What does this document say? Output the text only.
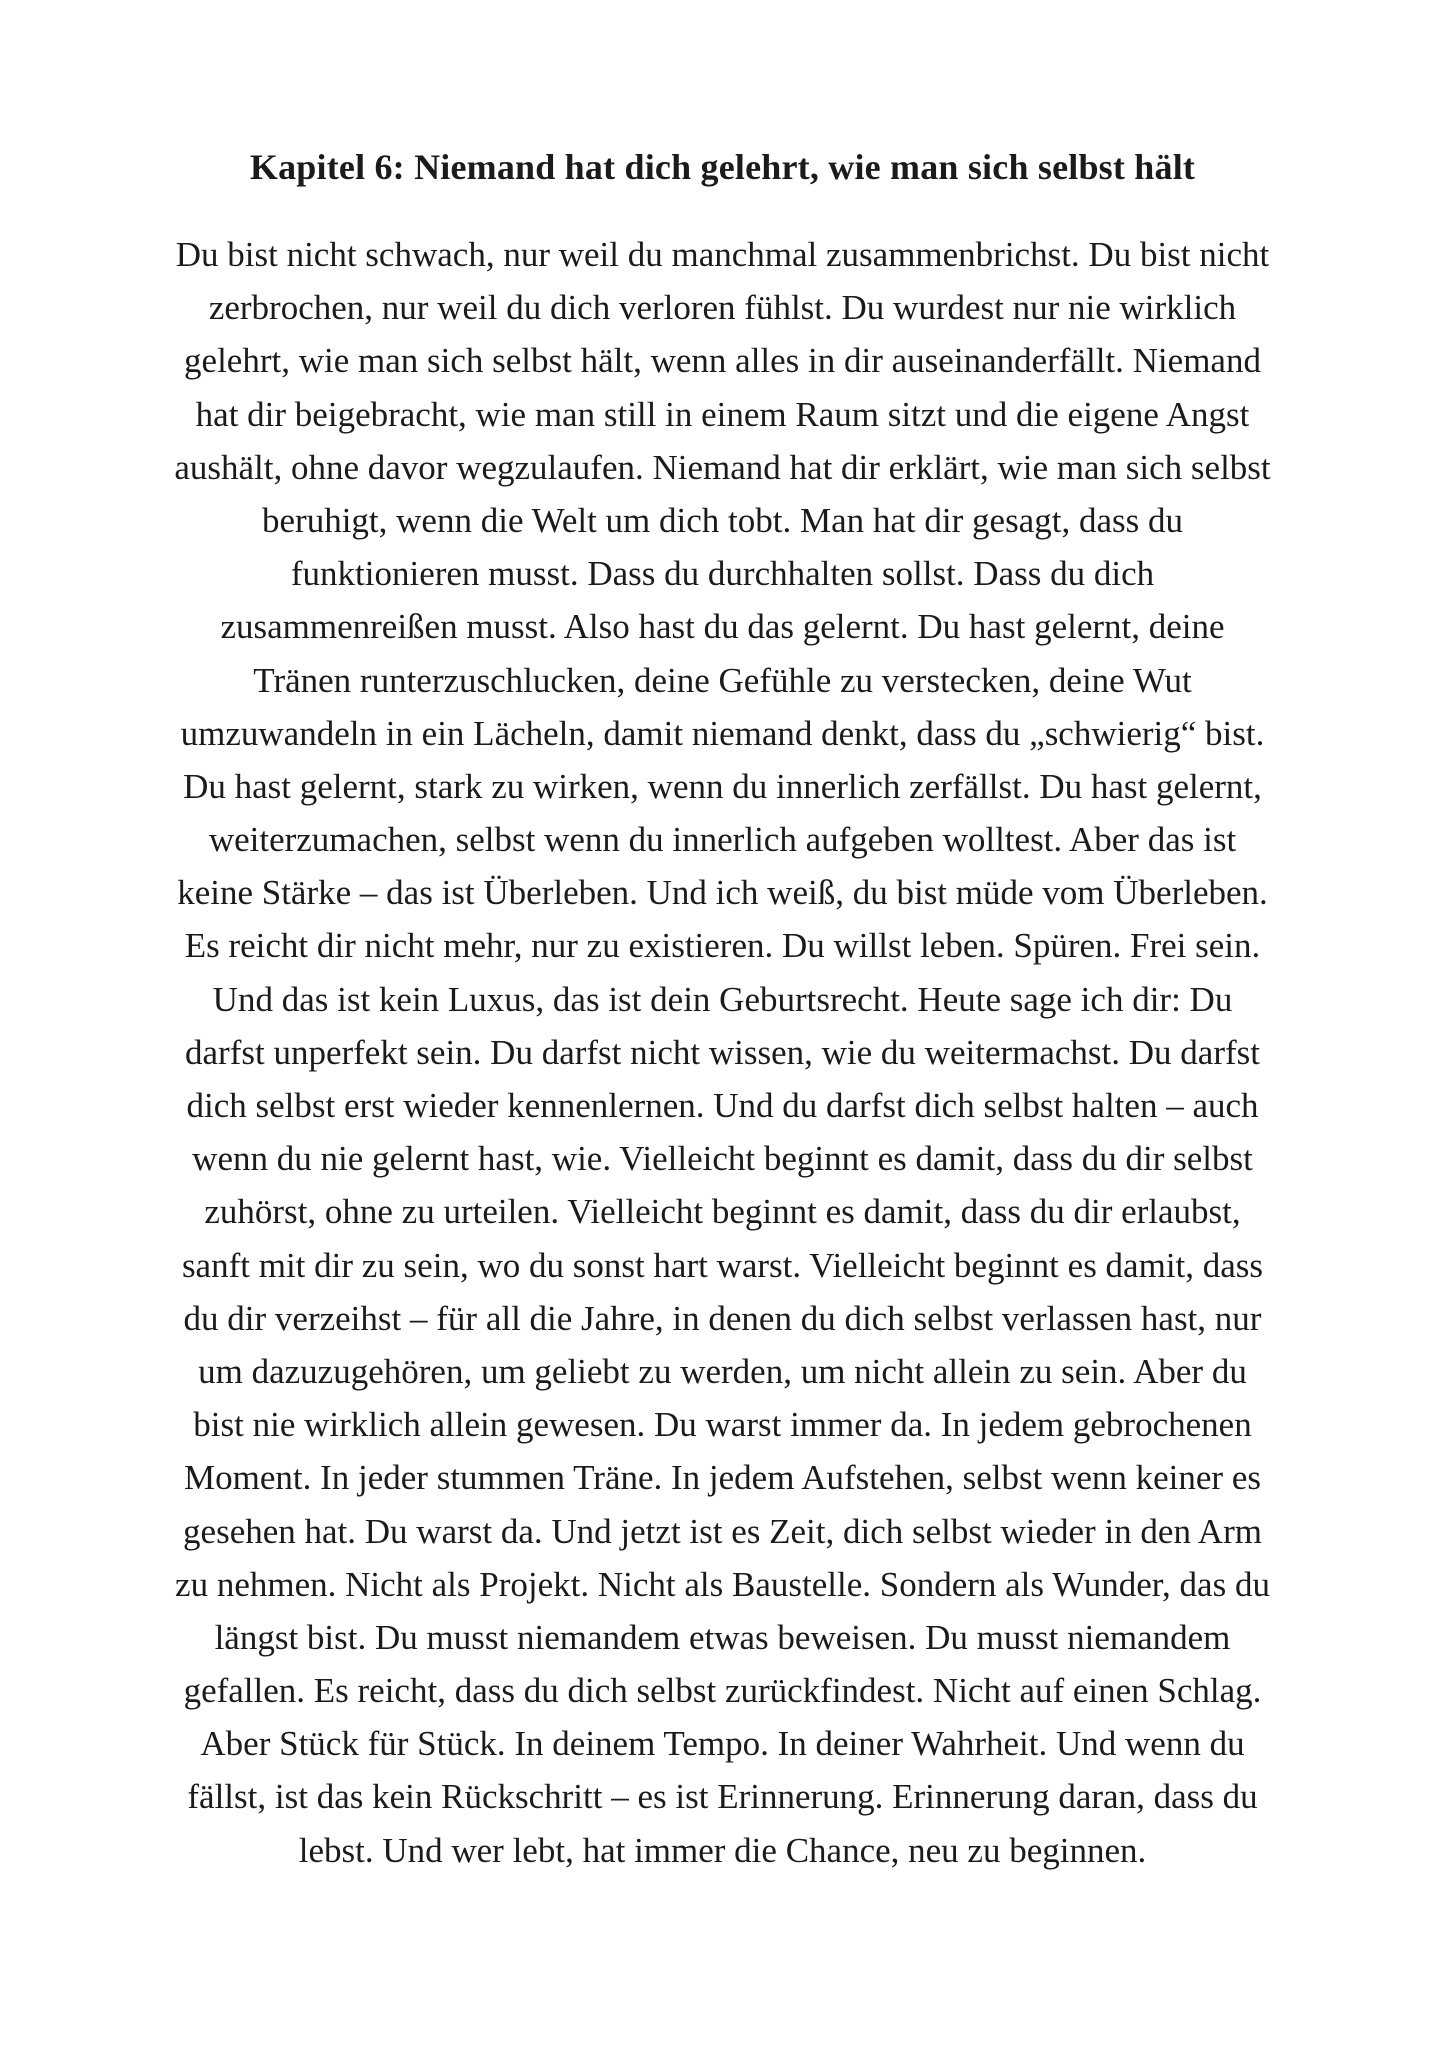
Kapitel 6: Niemand hat dich gelehrt, wie man sich selbst hält
Du bist nicht schwach, nur weil du manchmal zusammenbrichst. Du bist nicht
zerbrochen, nur weil du dich verloren fühlst. Du wurdest nur nie wirklich
gelehrt, wie man sich selbst hält, wenn alles in dir auseinanderfällt. Niemand
hat dir beigebracht, wie man still in einem Raum sitzt und die eigene Angst
aushält, ohne davor wegzulaufen. Niemand hat dir erklärt, wie man sich selbst
beruhigt, wenn die Welt um dich tobt. Man hat dir gesagt, dass du
funktionieren musst. Dass du durchhalten sollst. Dass du dich
zusammenreißen musst. Also hast du das gelernt. Du hast gelernt, deine
Tränen runterzuschlucken, deine Gefühle zu verstecken, deine Wut
umzuwandeln in ein Lächeln, damit niemand denkt, dass du „schwierig“ bist.
Du hast gelernt, stark zu wirken, wenn du innerlich zerfällst. Du hast gelernt,
weiterzumachen, selbst wenn du innerlich aufgeben wolltest. Aber das ist
keine Stärke – das ist Überleben. Und ich weiß, du bist müde vom Überleben.
Es reicht dir nicht mehr, nur zu existieren. Du willst leben. Spüren. Frei sein.
Und das ist kein Luxus, das ist dein Geburtsrecht. Heute sage ich dir: Du
darfst unperfekt sein. Du darfst nicht wissen, wie du weitermachst. Du darfst
dich selbst erst wieder kennenlernen. Und du darfst dich selbst halten – auch
wenn du nie gelernt hast, wie. Vielleicht beginnt es damit, dass du dir selbst
zuhörst, ohne zu urteilen. Vielleicht beginnt es damit, dass du dir erlaubst,
sanft mit dir zu sein, wo du sonst hart warst. Vielleicht beginnt es damit, dass
du dir verzeihst – für all die Jahre, in denen du dich selbst verlassen hast, nur
um dazuzugehören, um geliebt zu werden, um nicht allein zu sein. Aber du
bist nie wirklich allein gewesen. Du warst immer da. In jedem gebrochenen
Moment. In jeder stummen Träne. In jedem Aufstehen, selbst wenn keiner es
gesehen hat. Du warst da. Und jetzt ist es Zeit, dich selbst wieder in den Arm
zu nehmen. Nicht als Projekt. Nicht als Baustelle. Sondern als Wunder, das du
längst bist. Du musst niemandem etwas beweisen. Du musst niemandem
gefallen. Es reicht, dass du dich selbst zurückfindest. Nicht auf einen Schlag.
Aber Stück für Stück. In deinem Tempo. In deiner Wahrheit. Und wenn du
fällst, ist das kein Rückschritt – es ist Erinnerung. Erinnerung daran, dass du
lebst. Und wer lebt, hat immer die Chance, neu zu beginnen.
